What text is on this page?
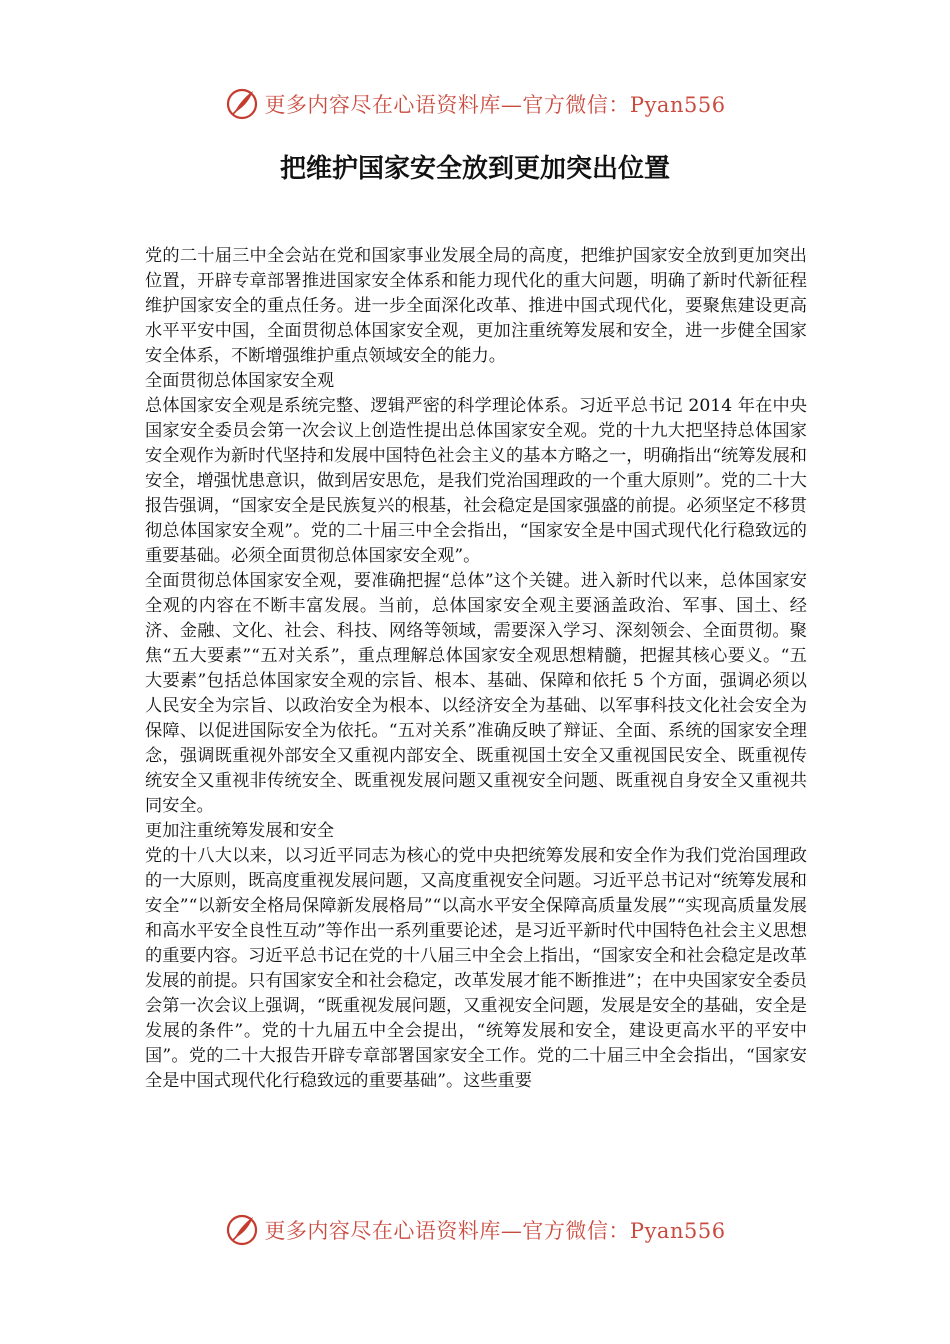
更多内容尽在心语资料库—官方微信：Pyan556
把维护国家安全放到更加突出位置

党的二十届三中全会站在党和国家事业发展全局的高度，把维护国家安全放到更加突出位置，开辟专章部署推进国家安全体系和能力现代化的重大问题，明确了新时代新征程维护国家安全的重点任务。进一步全面深化改革、推进中国式现代化，要聚焦建设更高水平平安中国，全面贯彻总体国家安全观，更加注重统筹发展和安全，进一步健全国家安全体系，不断增强维护重点领域安全的能力。

全面贯彻总体国家安全观

总体国家安全观是系统完整、逻辑严密的科学理论体系。习近平总书记 2014 年在中央国家安全委员会第一次会议上创造性提出总体国家安全观。党的十九大把坚持总体国家安全观作为新时代坚持和发展中国特色社会主义的基本方略之一，明确指出“统筹发展和安全，增强忧患意识，做到居安思危，是我们党治国理政的一个重大原则”。党的二十大报告强调，“国家安全是民族复兴的根基，社会稳定是国家强盛的前提。必须坚定不移贯彻总体国家安全观”。党的二十届三中全会指出，“国家安全是中国式现代化行稳致远的重要基础。必须全面贯彻总体国家安全观”。

全面贯彻总体国家安全观，要准确把握“总体”这个关键。进入新时代以来，总体国家安全观的内容在不断丰富发展。当前，总体国家安全观主要涵盖政治、军事、国土、经济、金融、文化、社会、科技、网络等领域，需要深入学习、深刻领会、全面贯彻。聚焦“五大要素”“五对关系”，重点理解总体国家安全观思想精髓，把握其核心要义。“五大要素”包括总体国家安全观的宗旨、根本、基础、保障和依托 5 个方面，强调必须以人民安全为宗旨、以政治安全为根本、以经济安全为基础、以军事科技文化社会安全为保障、以促进国际安全为依托。“五对关系”准确反映了辩证、全面、系统的国家安全理念，强调既重视外部安全又重视内部安全、既重视国土安全又重视国民安全、既重视传统安全又重视非传统安全、既重视发展问题又重视安全问题、既重视自身安全又重视共同安全。

更加注重统筹发展和安全

党的十八大以来，以习近平同志为核心的党中央把统筹发展和安全作为我们党治国理政的一大原则，既高度重视发展问题，又高度重视安全问题。习近平总书记对“统筹发展和安全”“以新安全格局保障新发展格局”“以高水平安全保障高质量发展”“实现高质量发展和高水平安全良性互动”等作出一系列重要论述，是习近平新时代中国特色社会主义思想的重要内容。习近平总书记在党的十八届三中全会上指出，“国家安全和社会稳定是改革发展的前提。只有国家安全和社会稳定，改革发展才能不断推进”；在中央国家安全委员会第一次会议上强调，“既重视发展问题，又重视安全问题，发展是安全的基础，安全是发展的条件”。党的十九届五中全会提出，“统筹发展和安全，建设更高水平的平安中国”。党的二十大报告开辟专章部署国家安全工作。党的二十届三中全会指出，“国家安全是中国式现代化行稳致远的重要基础”。这些重要

更多内容尽在心语资料库—官方微信：Pyan556
